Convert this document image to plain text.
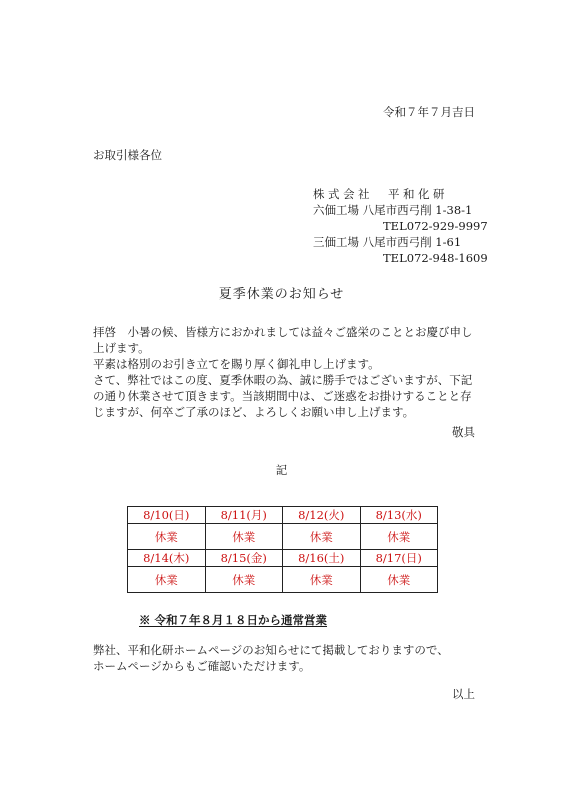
令和７年７月吉日
お取引様各位
株式会社　平和化研
六価工場 八尾市西弓削 1-38-1
TEL072-929-9997
三価工場 八尾市西弓削 1-61
TEL072-948-1609
夏季休業のお知らせ

拝啓　小暑の候、皆様方におかれましては益々ご盛栄のこととお慶び申し上げます。

平素は格別のお引き立てを賜り厚く御礼申し上げます。

さて、弊社ではこの度、夏季休暇の為、誠に勝手ではございますが、下記の通り休業させて頂きます。当該期間中は、ご迷惑をお掛けすることと存じますが、何卒ご了承のほど、よろしくお願い申し上げます。

敬具
記
8/10(日)	8/11(月)	8/12(火)	8/13(水)
休業	休業	休業	休業
8/14(木)	8/15(金)	8/16(土)	8/17(日)
休業	休業	休業	休業
※ 令和７年８月１８日から通常営業
弊社、平和化研ホームページのお知らせにて掲載しておりますので、
ホームページからもご確認いただけます。
以上
